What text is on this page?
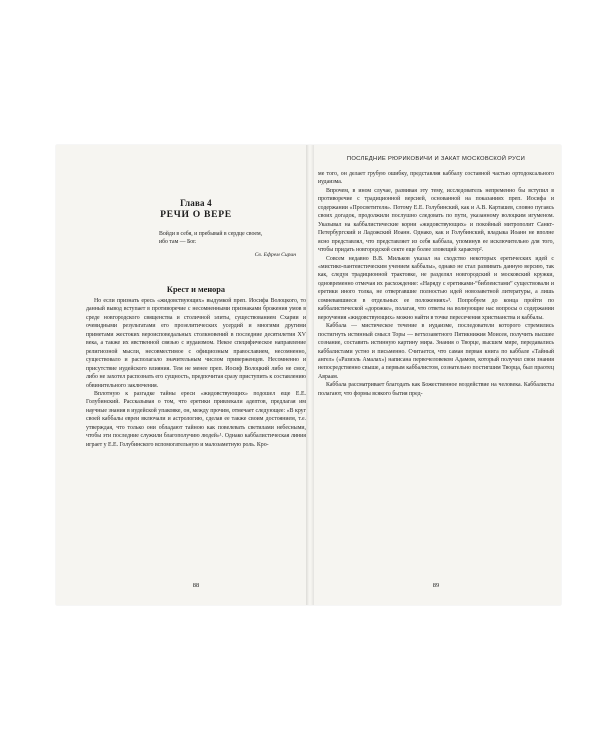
Глава 4

РЕЧИ О ВЕРЕ

Войди в себя, и пребывай в сердце своем,
ибо там — Бог.
Св. Ефрем Сирин
Крест и менора

Но если признать ересь «жидовствующих» выдумкой преп. Иосифа Волоцкого, то данный вывод вступает в противоречие с несомненными признаками брожения умов в среде новгородского священства и столичной элиты, существованием Схарии и очевидными результатами его прозелитических усердий и многими другими приметами жестоких вероисповедальных столкновений в последние десятилетия XV века, а также их явственной связью с иудаизмом. Некое специфическое направление религиозной мысли, несовместимое с официозным православием, несомненно, существовало и располагало значительным числом приверженцев. Несомненно и присутствие иудейского влияния. Тем не менее преп. Иосиф Волоцкий либо не смог, либо не захотел распознать его сущность, предпочитая сразу приступить к составлению обвинительного заключения.

Вплотную к разгадке тайны ереси «жидовствующих» подошел еще Е.Е. Голубинский. Рассказывая о том, что еретики привлекали адептов, предлагая им научные знания в иудейской упаковке, он, между прочим, отмечает следующее: «В круг своей каббалы евреи включали и астрологию, сделав ее также своим достоянием, т.е. утверждая, что только они обладают тайною как повелевать светилами небесными, чтобы эти последние служили благополучию людей»¹. Однако каббалистическая линия играет у Е.Е. Голубинского вспомогательную и малозаметную роль. Кро-

88
ПОСЛЕДНИЕ РЮРИКОВИЧИ И ЗАКАТ МОСКОВСКОЙ РУСИ

ме того, он делает грубую ошибку, представляя каббалу составной частью ортодоксального иудаизма.

Впрочем, в ином случае, развивая эту тему, исследователь непременно бы вступил в противоречие с традиционной версией, основанной на показаниях преп. Иосифа и содержании «Просветителя». Потому Е.Е. Голубинский, как и А.В. Карташев, словно пугаясь своих догадок, продолжили послушно следовать по пути, указанному волоцким игуменом. Указывал на каббалистические корни «жидовствующих» и покойный митрополит Санкт-Петербургский и Ладожский Иоанн. Однако, как и Голубинский, владыка Иоанн не вполне ясно представлял, что представляет из себя каббала, упоминув ее исключительно для того, чтобы придать новгородской секте еще более зловещий характер².

Совсем недавно В.В. Мильков указал на сходство некоторых еретических идей с «мистико-пантеистическим учением каббалы», однако не стал развивать данную версию, так как, следуя традиционной трактовке, не разделял новгородский и московский кружки, одновременно отмечая их расхождение: «Наряду с еретиками-“библеистами” существовали и еретики иного толка, не отвергавшие полностью идей новозаветной литературы, а лишь сомневавшиеся в отдельных ее положениях»³. Попробуем до конца пройти по каббалистической «дорожке», полагая, что ответы на волнующие нас вопросы о содержании вероучения «жидовствующих» можно найти в точке пересечения христианства и каббалы.

Каббала — мистическое течение в иудаизме, последователи которого стремились постигнуть истинный смысл Торы — ветхозаветного Пятикнижия Моисея, получить высшее сознание, составить истинную картину мира. Знания о Творце, высшем мире, передавались каббалистами устно и письменно. Считается, что самая первая книга по каббале «Тайный ангел» («Разиэль Амалах») написана первочеловеком Адамом, который получил свои знания непосредственно свыше, а первым каббалистом, сознательно постигшим Творца, был праотец Авраам.

Каббала рассматривает благодать как Божественное воздействие на человека. Каббалисты полагают, что формы всякого бытия пред-

89
